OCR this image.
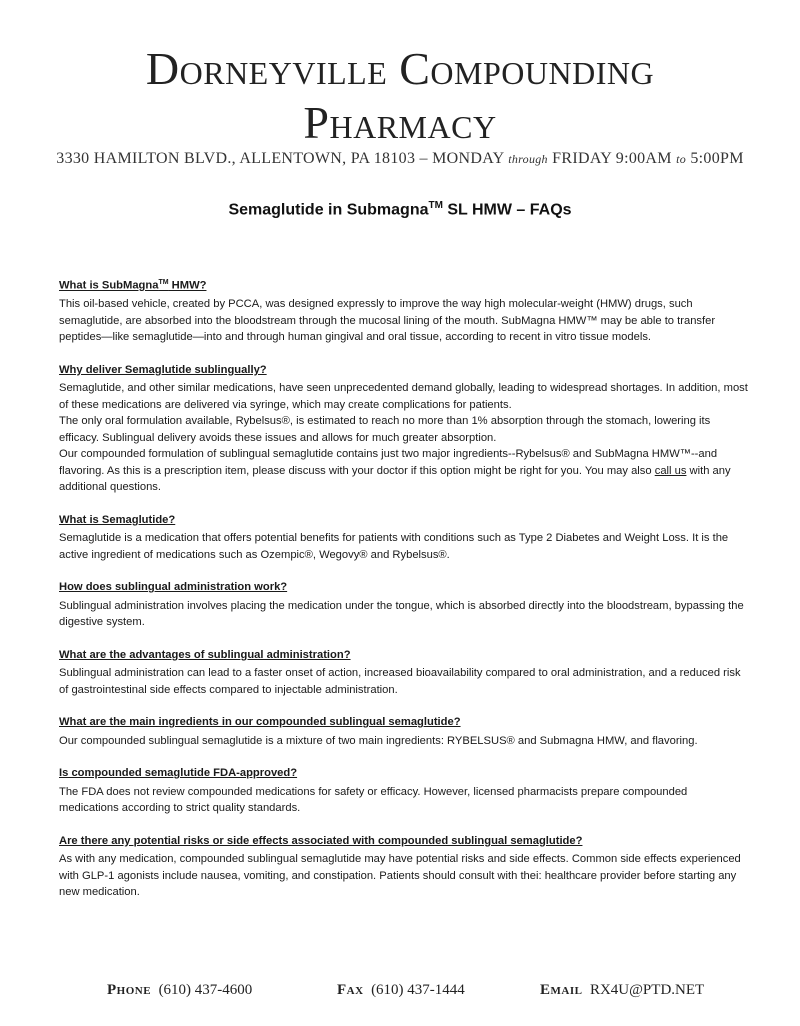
Dorneyville Compounding
Pharmacy
3330 HAMILTON BLVD., ALLENTOWN, PA 18103 – MONDAY through FRIDAY 9:00AM to 5:00PM
Semaglutide in Submagna™ SL HMW – FAQs
What is SubMagna™ HMW?

This oil-based vehicle, created by PCCA, was designed expressly to improve the way high molecular-weight (HMW) drugs, such semaglutide, are absorbed into the bloodstream through the mucosal lining of the mouth. SubMagna HMW™ may be able to transfer peptides—like semaglutide—into and through human gingival and oral tissue, according to recent in vitro tissue models.

Why deliver Semaglutide sublingually?

Semaglutide, and other similar medications, have seen unprecedented demand globally, leading to widespread shortages. In addition, most of these medications are delivered via syringe, which may create complications for patients.

The only oral formulation available, Rybelsus®, is estimated to reach no more than 1% absorption through the stomach, lowering its efficacy. Sublingual delivery avoids these issues and allows for much greater absorption.

Our compounded formulation of sublingual semaglutide contains just two major ingredients--Rybelsus® and SubMagna HMW™--and flavoring. As this is a prescription item, please discuss with your doctor if this option might be right for you. You may also call us with any additional questions.

What is Semaglutide?

Semaglutide is a medication that offers potential benefits for patients with conditions such as Type 2 Diabetes and Weight Loss. It is the active ingredient of medications such as Ozempic®, Wegovy® and Rybelsus®.

How does sublingual administration work?

Sublingual administration involves placing the medication under the tongue, which is absorbed directly into the bloodstream, bypassing the digestive system.

What are the advantages of sublingual administration?

Sublingual administration can lead to a faster onset of action, increased bioavailability compared to oral administration, and a reduced risk of gastrointestinal side effects compared to injectable administration.

What are the main ingredients in our compounded sublingual semaglutide?

Our compounded sublingual semaglutide is a mixture of two main ingredients: RYBELSUS® and Submagna HMW, and flavoring.

Is compounded semaglutide FDA-approved?

The FDA does not review compounded medications for safety or efficacy. However, licensed pharmacists prepare compounded medications according to strict quality standards.

Are there any potential risks or side effects associated with compounded sublingual semaglutide?

As with any medication, compounded sublingual semaglutide may have potential risks and side effects. Common side effects experienced with GLP-1 agonists include nausea, vomiting, and constipation. Patients should consult with thei: healthcare provider before starting any new medication.

Phone (610) 437-4600	Fax (610) 437-1444	Email RX4U@PTD.NET
